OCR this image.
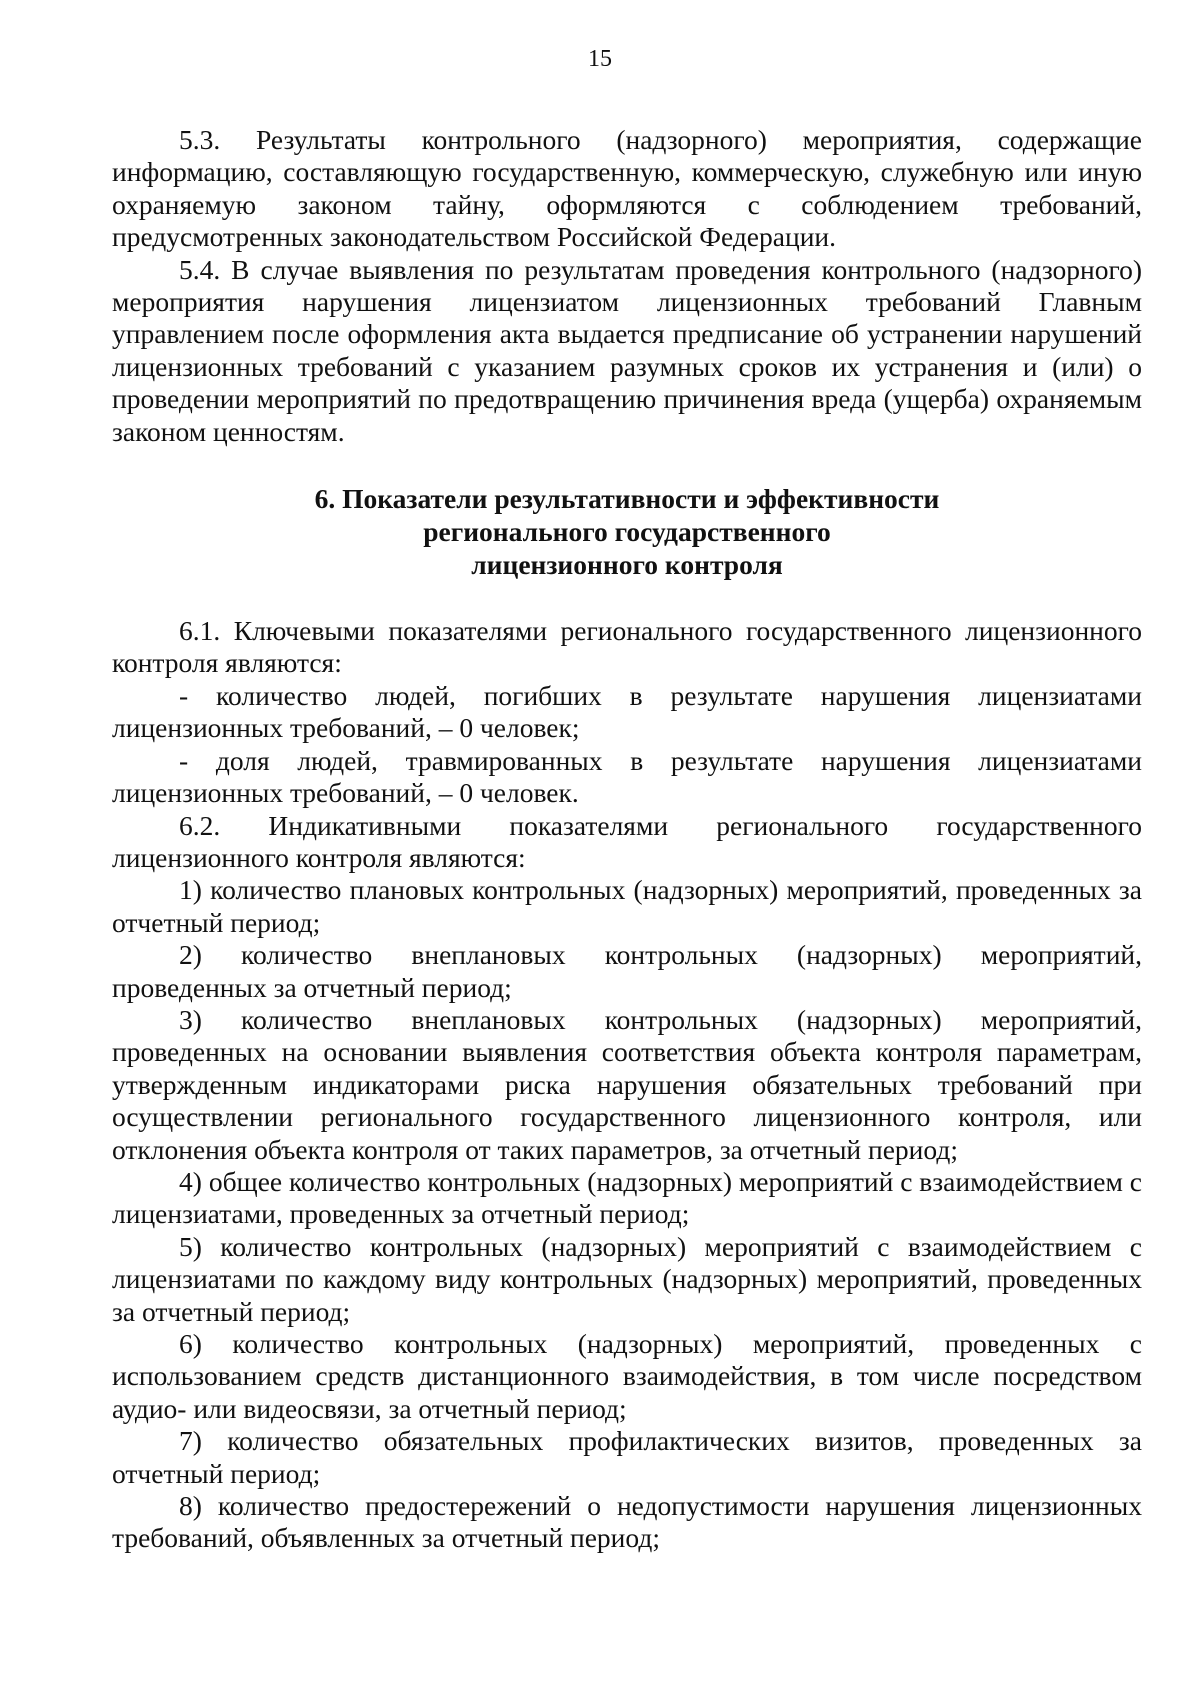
15

5.3. Результаты контрольного (надзорного) мероприятия, содержащие информацию, составляющую государственную, коммерческую, служебную или иную охраняемую законом тайну, оформляются с соблюдением требований, предусмотренных законодательством Российской Федерации.

5.4. В случае выявления по результатам проведения контрольного (надзорного) мероприятия нарушения лицензиатом лицензионных требований Главным управлением после оформления акта выдается предписание об устранении нарушений лицензионных требований с указанием разумных сроков их устранения и (или) о проведении мероприятий по предотвращению причинения вреда (ущерба) охраняемым законом ценностям.

6. Показатели результативности и эффективности
регионального государственного
лицензионного контроля

6.1. Ключевыми показателями регионального государственного лицензионного контроля являются:

- количество людей, погибших в результате нарушения лицензиатами лицензионных требований, – 0 человек;

- доля людей, травмированных в результате нарушения лицензиатами лицензионных требований, – 0 человек.

6.2. Индикативными показателями регионального государственного лицензионного контроля являются:

1) количество плановых контрольных (надзорных) мероприятий, проведенных за отчетный период;

2) количество внеплановых контрольных (надзорных) мероприятий, проведенных за отчетный период;

3) количество внеплановых контрольных (надзорных) мероприятий, проведенных на основании выявления соответствия объекта контроля параметрам, утвержденным индикаторами риска нарушения обязательных требований при осуществлении регионального государственного лицензионного контроля, или отклонения объекта контроля от таких параметров, за отчетный период;

4) общее количество контрольных (надзорных) мероприятий с взаимодействием с лицензиатами, проведенных за отчетный период;

5) количество контрольных (надзорных) мероприятий с взаимодействием с лицензиатами по каждому виду контрольных (надзорных) мероприятий, проведенных за отчетный период;

6) количество контрольных (надзорных) мероприятий, проведенных с использованием средств дистанционного взаимодействия, в том числе посредством аудио- или видеосвязи, за отчетный период;

7) количество обязательных профилактических визитов, проведенных за отчетный период;

8) количество предостережений о недопустимости нарушения лицензионных требований, объявленных за отчетный период;
